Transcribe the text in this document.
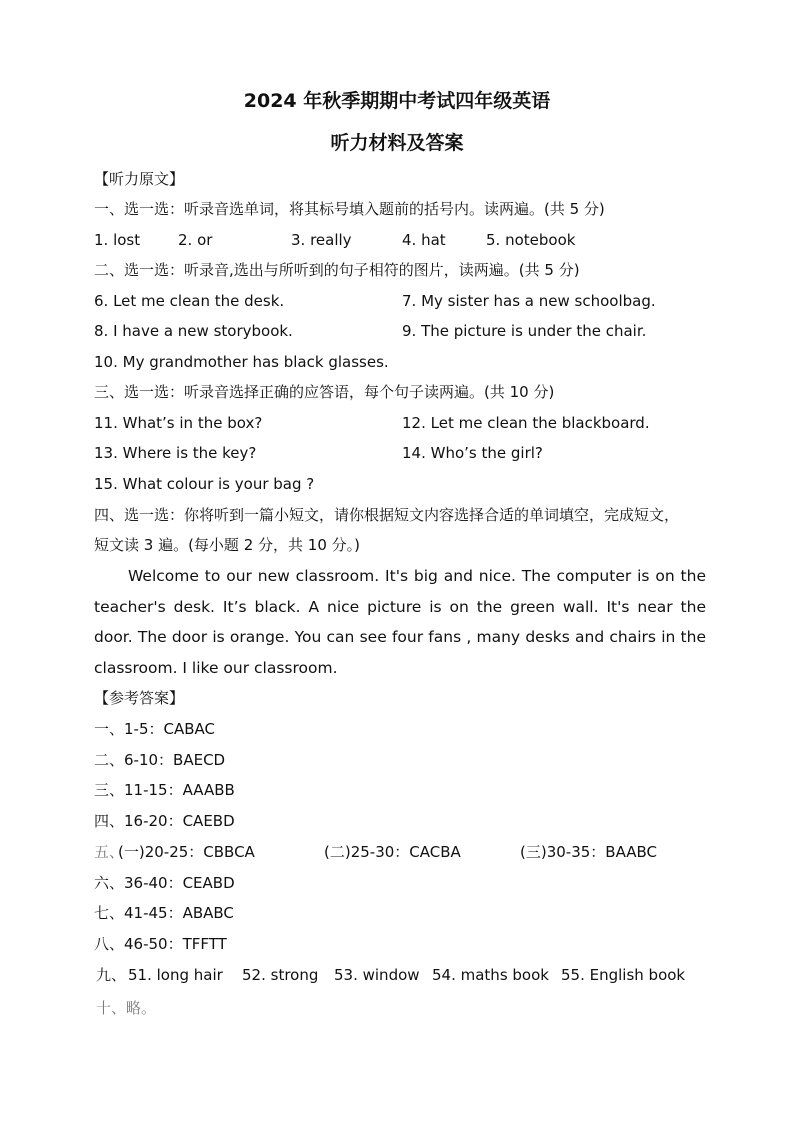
2024 年秋季期期中考试四年级英语
听力材料及答案
【听力原文】
一、选一选：听录音选单词，将其标号填入题前的括号内。读两遍。(共 5 分)
1. lost	2. or	3. really	4. hat	5. notebook
二、选一选：听录音,选出与所听到的句子相符的图片，读两遍。(共 5 分)
6. Let me clean the desk.	7. My sister has a new schoolbag.
8. I have a new storybook.	9. The picture is under the chair.
10. My grandmother has black glasses.
三、选一选：听录音选择正确的应答语，每个句子读两遍。(共 10 分)
11. What’s in the box?	12. Let me clean the blackboard.
13. Where is the key?	14. Who’s the girl?
15. What colour is your bag ?
四、选一选：你将听到一篇小短文，请你根据短文内容选择合适的单词填空，完成短文，
短文读 3 遍。(每小题 2 分，共 10 分。)
Welcome to our new classroom. It's big and nice. The computer is on the teacher's desk. It’s black. A nice picture is on the green wall. It's near the door. The door is orange. You can see four fans , many desks and chairs in the classroom. I like our classroom.
【参考答案】
一、1-5：CABAC
二、6-10：BAECD
三、11-15：AAABB
四、16-20：CAEBD
五、
(一)20-25：CBBCA	(二)25-30：CACBA	(三)30-35：BAABC
六、36-40：CEABD
七、41-45：ABABC
八、46-50：TFFTT
九、 51. long hair 52. strong 53. window 54. maths book 55. English book
十、略。
